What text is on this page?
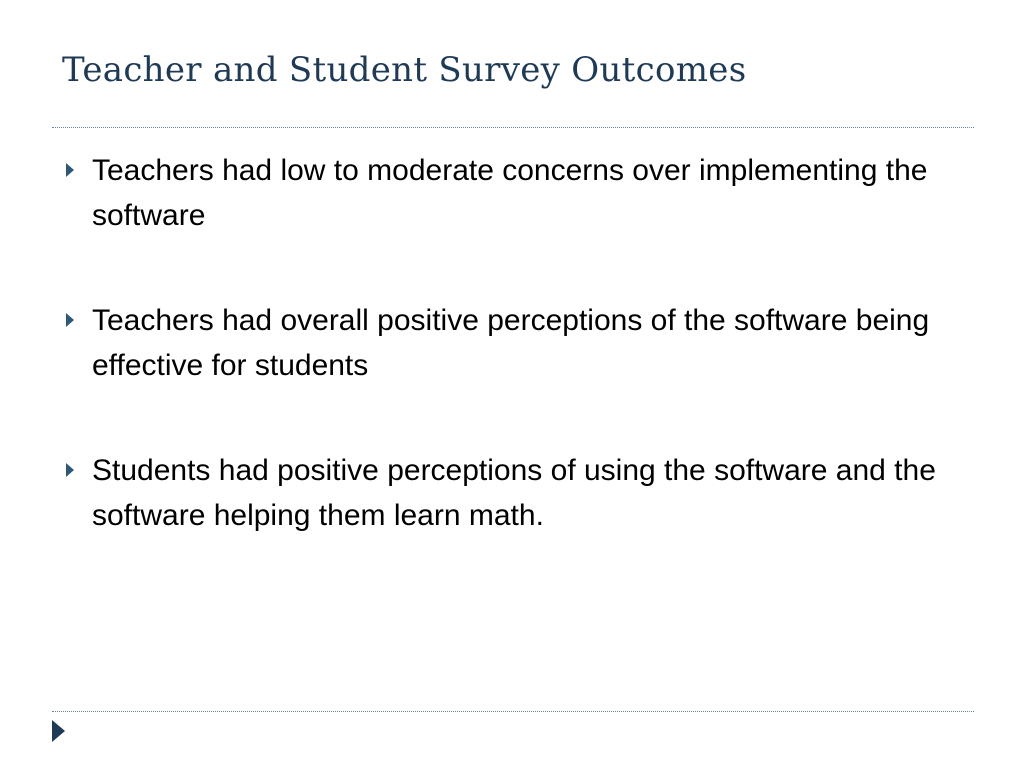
Teacher and Student Survey Outcomes
Teachers had low to moderate concerns over implementing the software
Teachers had overall positive perceptions of the software being effective for students
Students had positive perceptions of using the software and the software helping them learn math.
